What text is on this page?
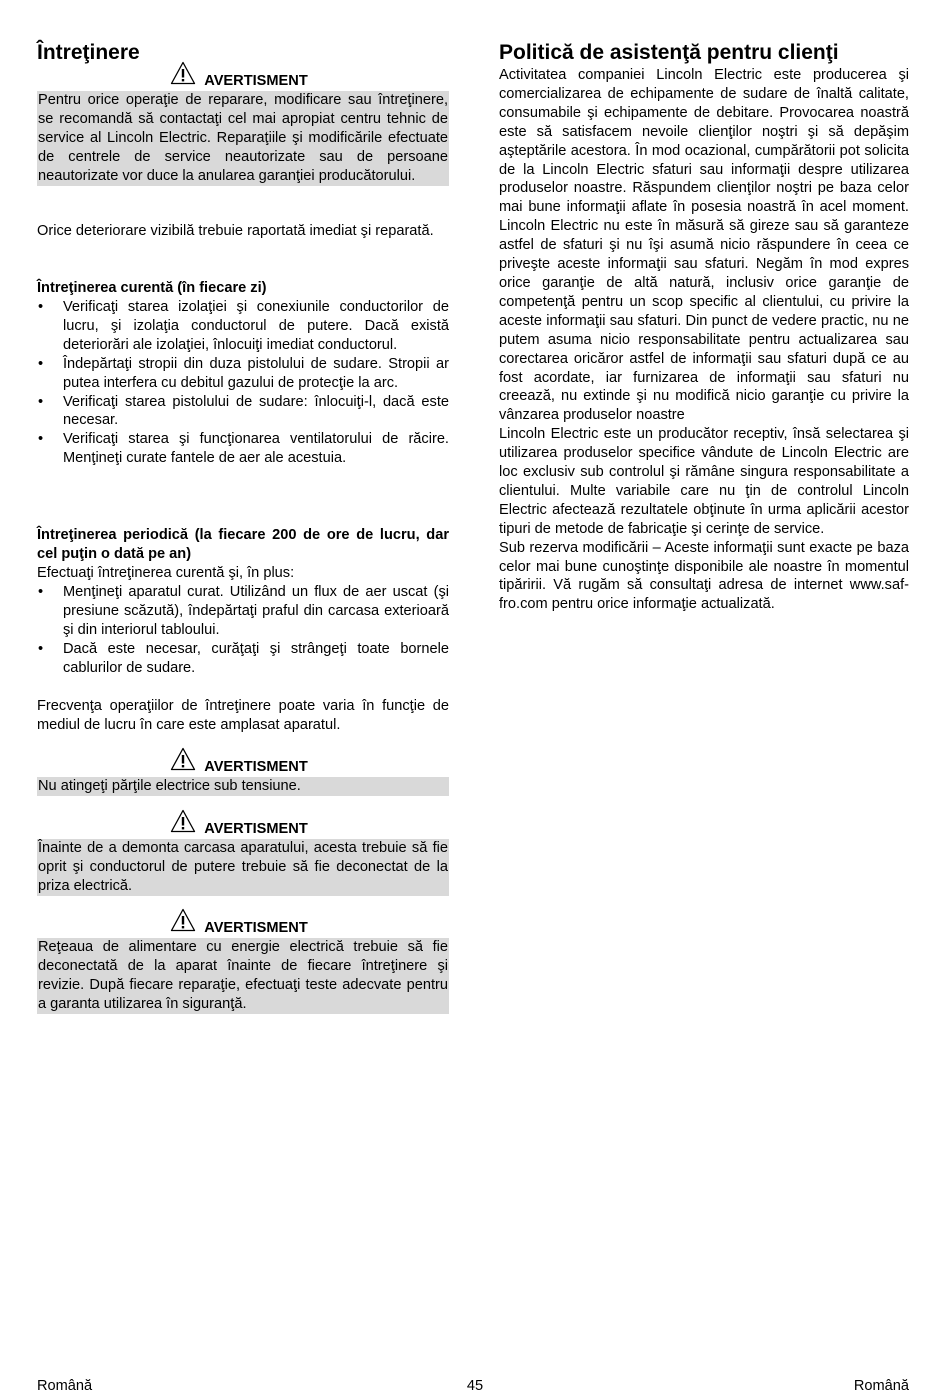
Întreţinere
AVERTISMENT

Pentru orice operaţie de reparare, modificare sau întreţinere, se recomandă să contactaţi cel mai apropiat centru tehnic de service al Lincoln Electric. Reparaţiile şi modificările efectuate de centrele de service neautorizate sau de persoane neautorizate vor duce la anularea garanţiei producătorului.

Orice deteriorare vizibilă trebuie raportată imediat şi reparată.

Întreţinerea curentă (în fiecare zi)

• Verificaţi starea izolaţiei şi conexiunile conductorilor de lucru, şi izolaţia conductorul de putere. Dacă există deteriorări ale izolaţiei, înlocuiţi imediat conductorul.
• Îndepărtaţi stropii din duza pistolului de sudare. Stropii ar putea interfera cu debitul gazului de protecţie la arc.
• Verificaţi starea pistolului de sudare: înlocuiţi-l, dacă este necesar.
• Verificaţi starea şi funcţionarea ventilatorului de răcire. Menţineţi curate fantele de aer ale acestuia.

Întreţinerea periodică (la fiecare 200 de ore de lucru, dar cel puţin o dată pe an)

Efectuaţi întreţinerea curentă şi, în plus:

• Menţineţi aparatul curat. Utilizând un flux de aer uscat (şi presiune scăzută), îndepărtaţi praful din carcasa exterioară şi din interiorul tabloului.
• Dacă este necesar, curăţaţi şi strângeţi toate bornele cablurilor de sudare.

Frecvenţa operaţiilor de întreţinere poate varia în funcţie de mediul de lucru în care este amplasat aparatul.

AVERTISMENT

Nu atingeţi părţile electrice sub tensiune.

AVERTISMENT

Înainte de a demonta carcasa aparatului, acesta trebuie să fie oprit şi conductorul de putere trebuie să fie deconectat de la priza electrică.

AVERTISMENT

Reţeaua de alimentare cu energie electrică trebuie să fie deconectată de la aparat înainte de fiecare întreţinere şi revizie. După fiecare reparaţie, efectuaţi teste adecvate pentru a garanta utilizarea în siguranţă.

Politică de asistenţă pentru clienţi

Activitatea companiei Lincoln Electric este producerea şi comercializarea de echipamente de sudare de înaltă calitate, consumabile şi echipamente de debitare. Provocarea noastră este să satisfacem nevoile clienţilor noştri şi să depăşim aşteptările acestora. În mod ocazional, cumpărătorii pot solicita de la Lincoln Electric sfaturi sau informaţii despre utilizarea produselor noastre. Răspundem clienţilor noştri pe baza celor mai bune informaţii aflate în posesia noastră în acel moment. Lincoln Electric nu este în măsură să gireze sau să garanteze astfel de sfaturi şi nu îşi asumă nicio răspundere în ceea ce priveşte aceste informaţii sau sfaturi. Negăm în mod expres orice garanţie de altă natură, inclusiv orice garanţie de competenţă pentru un scop specific al clientului, cu privire la aceste informaţii sau sfaturi. Din punct de vedere practic, nu ne putem asuma nicio responsabilitate pentru actualizarea sau corectarea oricăror astfel de informaţii sau sfaturi după ce au fost acordate, iar furnizarea de informaţii sau sfaturi nu creează, nu extinde şi nu modifică nicio garanţie cu privire la vânzarea produselor noastre

Lincoln Electric este un producător receptiv, însă selectarea şi utilizarea produselor specifice vândute de Lincoln Electric are loc exclusiv sub controlul şi rămâne singura responsabilitate a clientului. Multe variabile care nu ţin de controlul Lincoln Electric afectează rezultatele obţinute în urma aplicării acestor tipuri de metode de fabricaţie şi cerinţe de service.

Sub rezerva modificării – Aceste informaţii sunt exacte pe baza celor mai bune cunoştinţe disponibile ale noastre în momentul tipăririi. Vă rugăm să consultaţi adresa de internet www.saf-fro.com pentru orice informaţie actualizată.

Română	45	Română
